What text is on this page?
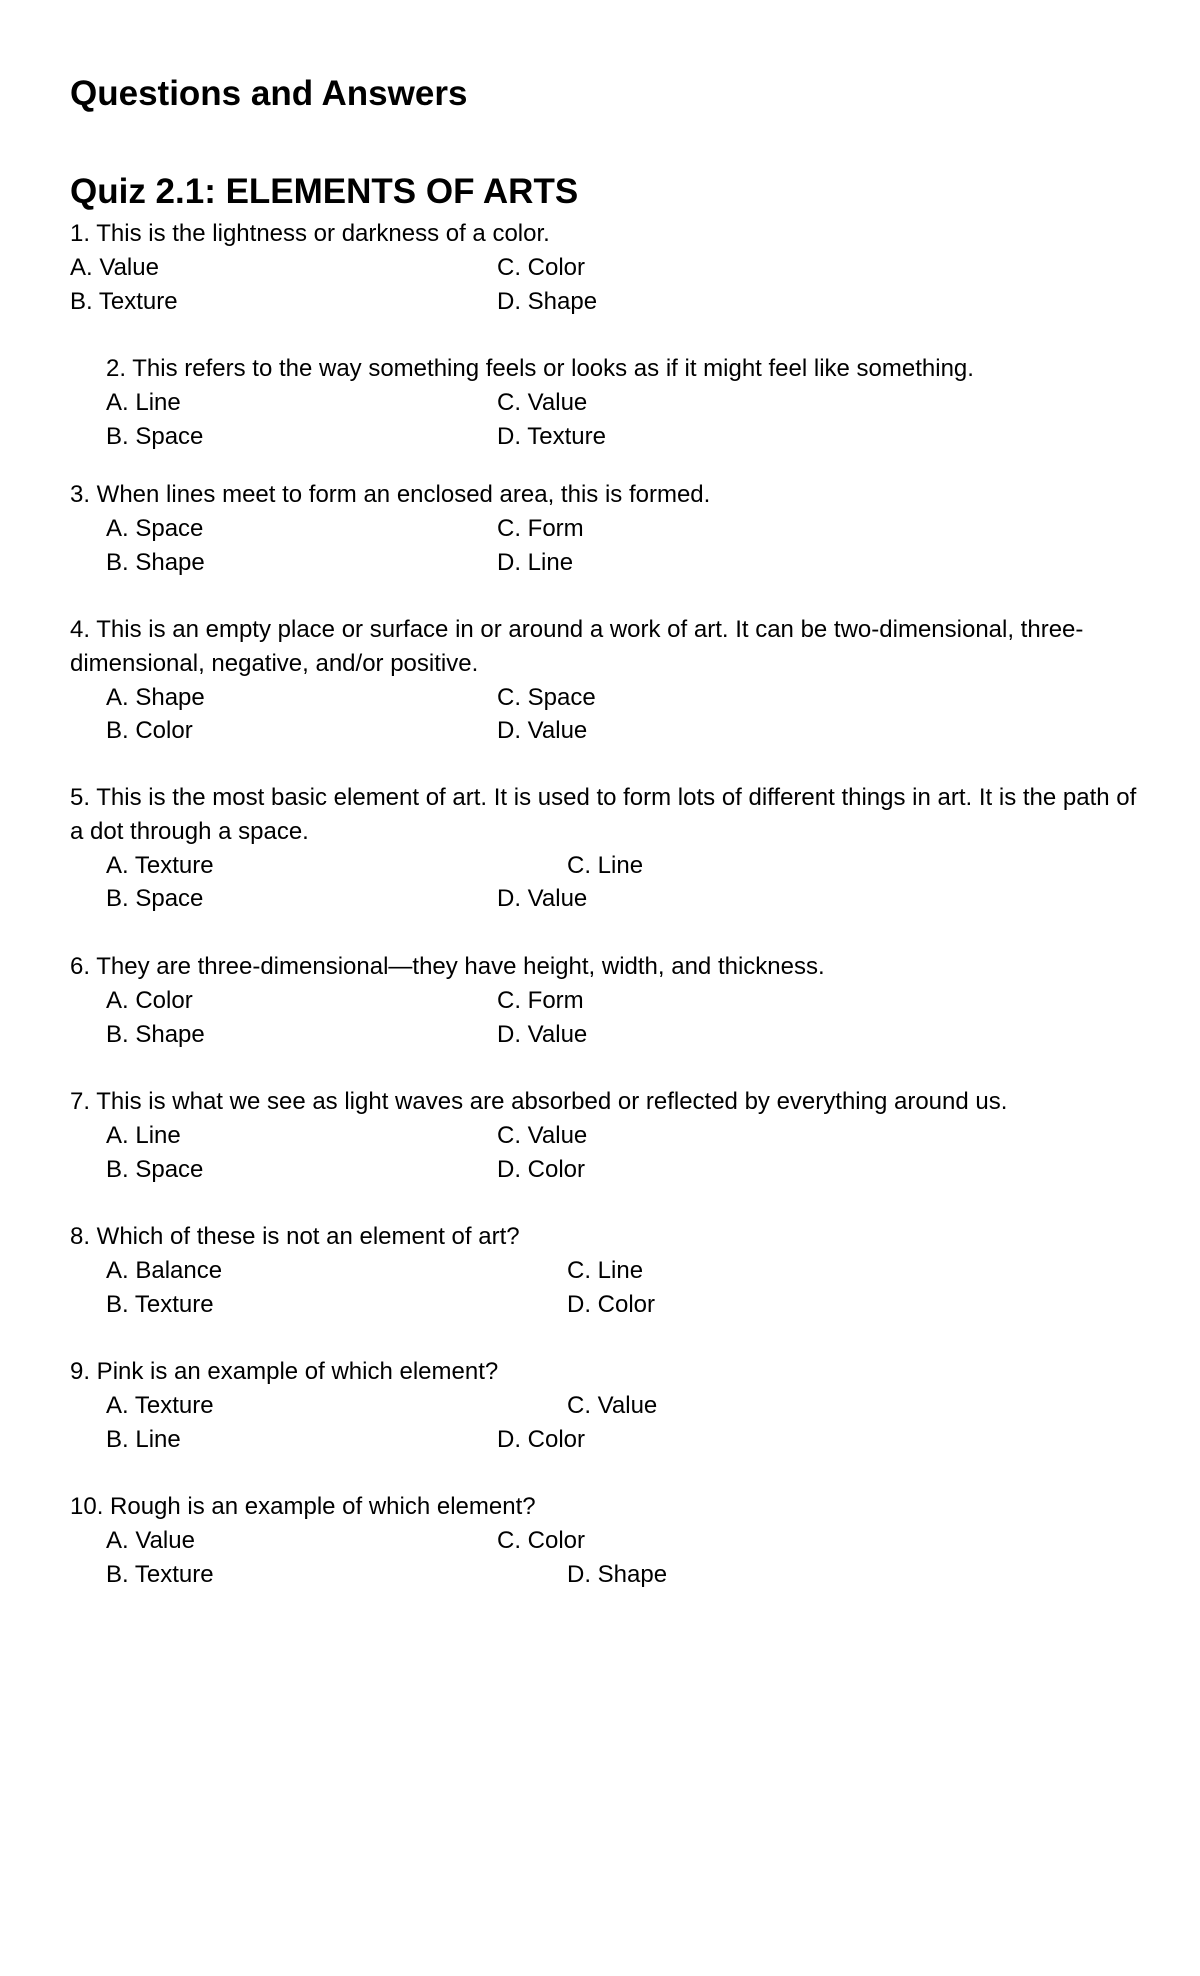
Questions and Answers
Quiz 2.1: ELEMENTS OF ARTS

1. This is the lightness or darkness of a color.

A. Value
B. Texture
C. Color
D. Shape

2. This refers to the way something feels or looks as if it might feel like something.

A. Line
B. Space
C. Value
D. Texture

3. When lines meet to form an enclosed area, this is formed.

A. Space
B. Shape
C. Form
D. Line

4. This is an empty place or surface in or around a work of art. It can be two-dimensional, three-dimensional, negative, and/or positive.

A. Shape
B. Color
C. Space
D. Value

5. This is the most basic element of art. It is used to form lots of different things in art. It is the path of a dot through a space.

A. Texture
B. Space
C. Line
D. Value

6. They are three-dimensional—they have height, width, and thickness.

A. Color
B. Shape
C. Form
D. Value

7. This is what we see as light waves are absorbed or reflected by everything around us.

A. Line
B. Space
C. Value
D. Color

8. Which of these is not an element of art?

A. Balance
B. Texture
C. Line
D. Color

9. Pink is an example of which element?

A. Texture
B. Line
C. Value
D. Color

10. Rough is an example of which element?

A. Value
B. Texture
C. Color
D. Shape
